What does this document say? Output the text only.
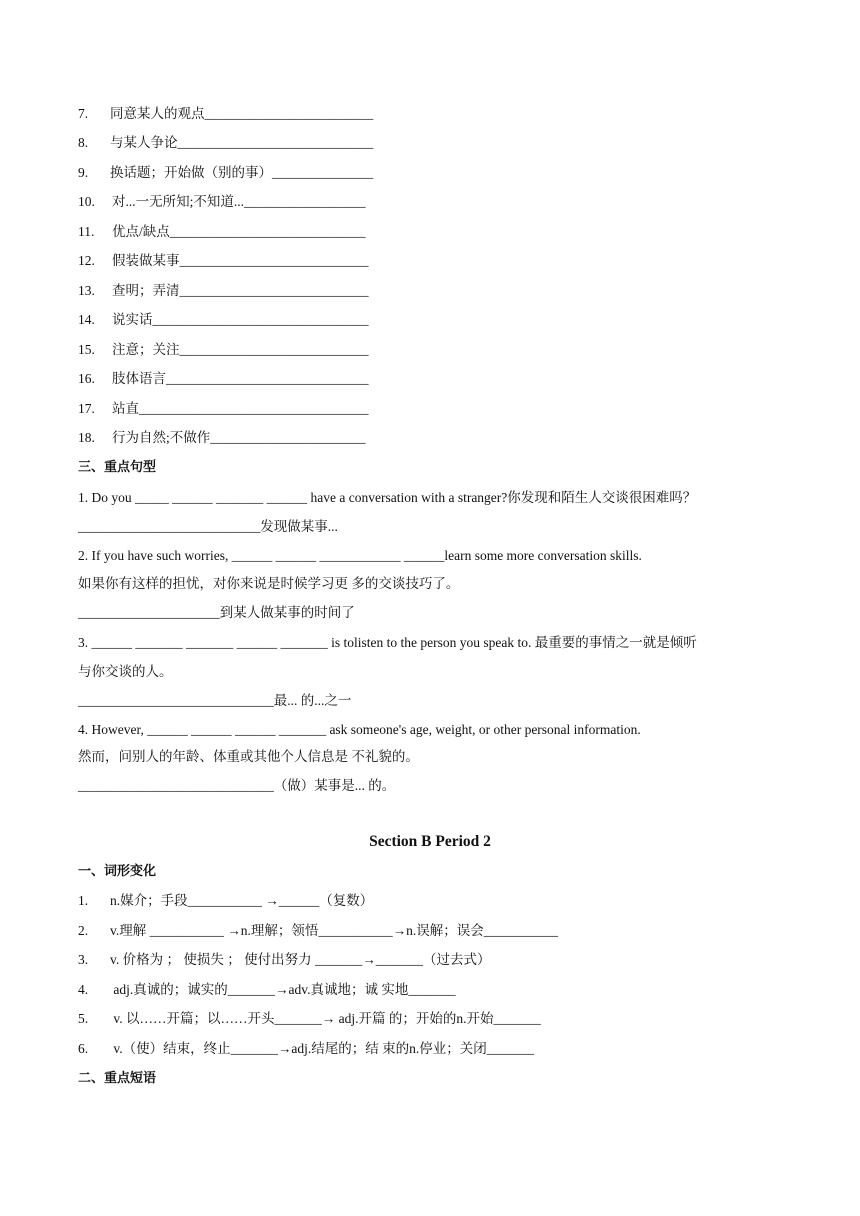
7. 同意某人的观点_________________________
8. 与某人争论_____________________________
9. 换话题；开始做（别的事）_______________
10. 对...一无所知;不知道...__________________
11. 优点/缺点_____________________________
12. 假装做某事____________________________
13. 查明；弄清____________________________
14. 说实话________________________________
15. 注意；关注____________________________
16. 肢体语言______________________________
17. 站直__________________________________
18. 行为自然;不做作_______________________
三、重点句型
1. Do you _____ ______ _______ ______ have a conversation with a stranger?你发现和陌生人交谈很困难吗？
___________________________发现做某事...
2. If you have such worries, ______ ______ ____________ ______learn some more conversation skills.
如果你有这样的担忧，对你来说是时候学习更 多的交谈技巧了。
_____________________到某人做某事的时间了
3. ______ _______ _______ ______ _______ is tolisten to the person you speak to. 最重要的事情之一就是倾听
与你交谈的人。
_____________________________最... 的...之一
4. However, ______ ______ ______ _______ ask someone's age, weight, or other personal information.
然而，问别人的年龄、体重或其他个人信息是 不礼貌的。
_____________________________（做）某事是... 的。
Section B Period 2
一、词形变化
1. n.媒介；手段___________ →______（复数）
2. v.理解 ___________ →n.理解；领悟___________→n.误解；误会___________
3. v. 价格为 ； 使损失 ； 使付出努力 _______→_______（过去式）
4. adj.真诚的；诚实的_______→adv.真诚地；诚 实地_______
5. v. 以……开篇；以……开头_______→ adj.开篇 的；开始的n.开始_______
6. v.（使）结束，终止_______→adj.结尾的；结 束的n.停业；关闭_______
二、重点短语
